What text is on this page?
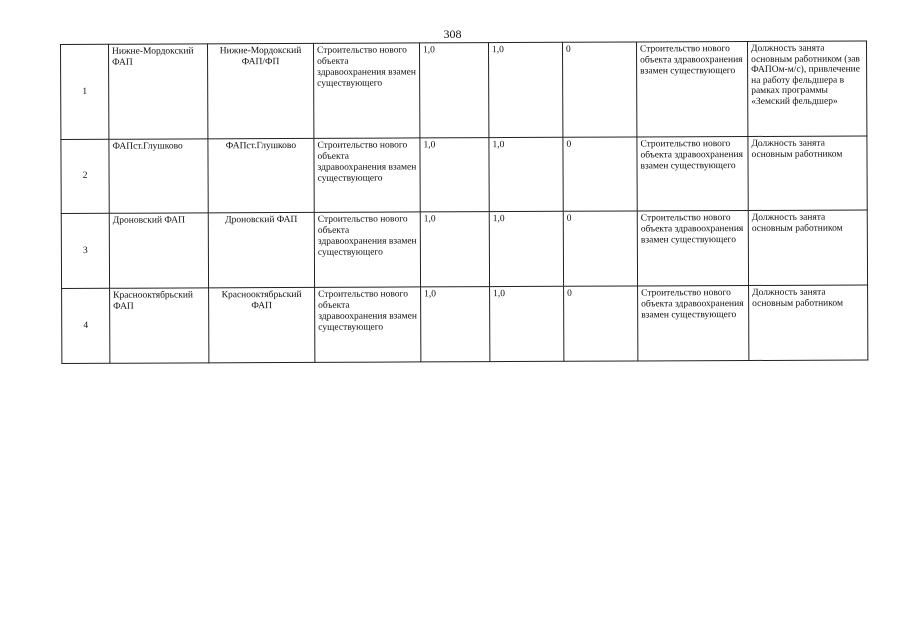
308
1	Нижне-Мордокский ФАП	Нижне-Мордокский ФАП/ФП	Строительство нового объекта здравоохранения взамен существующего	1,0	1,0	0	Строительство нового объекта здравоохранения взамен существующего	Должность занята основным работником (зав ФАПОм-м/с), привлечение на работу фельдшера в рамках программы «Земский фельдшер»
2	ФАПст.Глушково	ФАПст.Глушково	Строительство нового объекта здравоохранения взамен существующего	1,0	1,0	0	Строительство нового объекта здравоохранения взамен существующего	Должность занята основным работником
3	Дроновский ФАП	Дроновский ФАП	Строительство нового объекта здравоохранения взамен существующего	1,0	1,0	0	Строительство нового объекта здравоохранения взамен существующего	Должность занята основным работником
4	Краснооктябрьский ФАП	Краснооктябрьский ФАП	Строительство нового объекта здравоохранения взамен существующего	1,0	1,0	0	Строительство нового объекта здравоохранения взамен существующего	Должность занята основным работником
